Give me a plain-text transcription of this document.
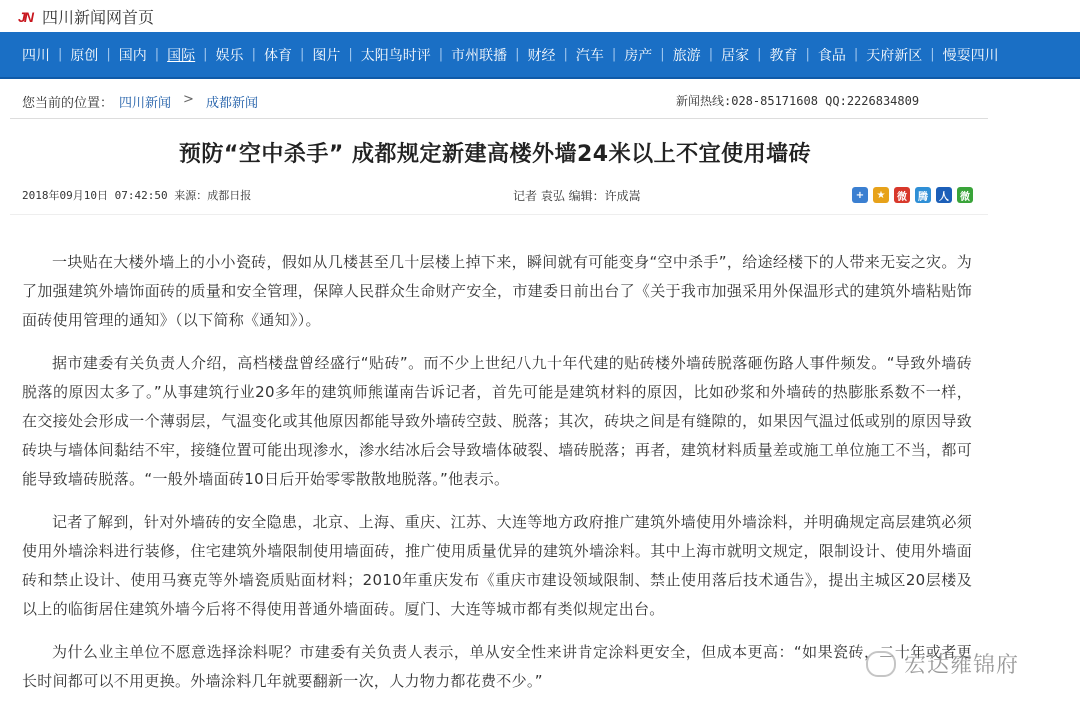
JN 四川新闻网首页
四川 | 原创 | 国内 | 国际 | 娱乐 | 体育 | 图片 | 太阳鸟时评 | 市州联播 | 财经 | 汽车 | 房产 | 旅游 | 居家 | 教育 | 食品 | 天府新区 | 慢耍四川
您当前的位置： 四川新闻 > 成都新闻	新闻热线:028-85171608 QQ:2226834809
预防“空中杀手” 成都规定新建高楼外墙24米以上不宜使用墙砖
2018年09月10日 07:42:50 来源：成都日报	记者 袁弘 编辑：许成嵩	+	★	微	腾	人	微

一块贴在大楼外墙上的小小瓷砖，假如从几楼甚至几十层楼上掉下来，瞬间就有可能变身“空中杀手”，给途经楼下的人带来无妄之灾。为了加强建筑外墙饰面砖的质量和安全管理，保障人民群众生命财产安全，市建委日前出台了《关于我市加强采用外保温形式的建筑外墙粘贴饰面砖使用管理的通知》（以下简称《通知》）。

据市建委有关负责人介绍，高档楼盘曾经盛行“贴砖”。而不少上世纪八九十年代建的贴砖楼外墙砖脱落砸伤路人事件频发。“导致外墙砖脱落的原因太多了。”从事建筑行业20多年的建筑师熊谨南告诉记者，首先可能是建筑材料的原因，比如砂浆和外墙砖的热膨胀系数不一样，在交接处会形成一个薄弱层，气温变化或其他原因都能导致外墙砖空鼓、脱落；其次，砖块之间是有缝隙的，如果因气温过低或别的原因导致砖块与墙体间黏结不牢，接缝位置可能出现渗水，渗水结冰后会导致墙体破裂、墙砖脱落；再者，建筑材料质量差或施工单位施工不当，都可能导致墙砖脱落。“一般外墙面砖10日后开始零零散散地脱落。”他表示。

记者了解到，针对外墙砖的安全隐患，北京、上海、重庆、江苏、大连等地方政府推广建筑外墙使用外墙涂料，并明确规定高层建筑必须使用外墙涂料进行装修，住宅建筑外墙限制使用墙面砖，推广使用质量优异的建筑外墙涂料。其中上海市就明文规定，限制设计、使用外墙面砖和禁止设计、使用马赛克等外墙瓷质贴面材料；2010年重庆发布《重庆市建设领域限制、禁止使用落后技术通告》，提出主城区20层楼及以上的临街居住建筑外墙今后将不得使用普通外墙面砖。厦门、大连等城市都有类似规定出台。

为什么业主单位不愿意选择涂料呢？市建委有关负责人表示，单从安全性来讲肯定涂料更安全，但成本更高：“如果瓷砖，二十年或者更长时间都可以不用更换。外墙涂料几年就要翻新一次，人力物力都花费不少。”

宏达雍锦府
